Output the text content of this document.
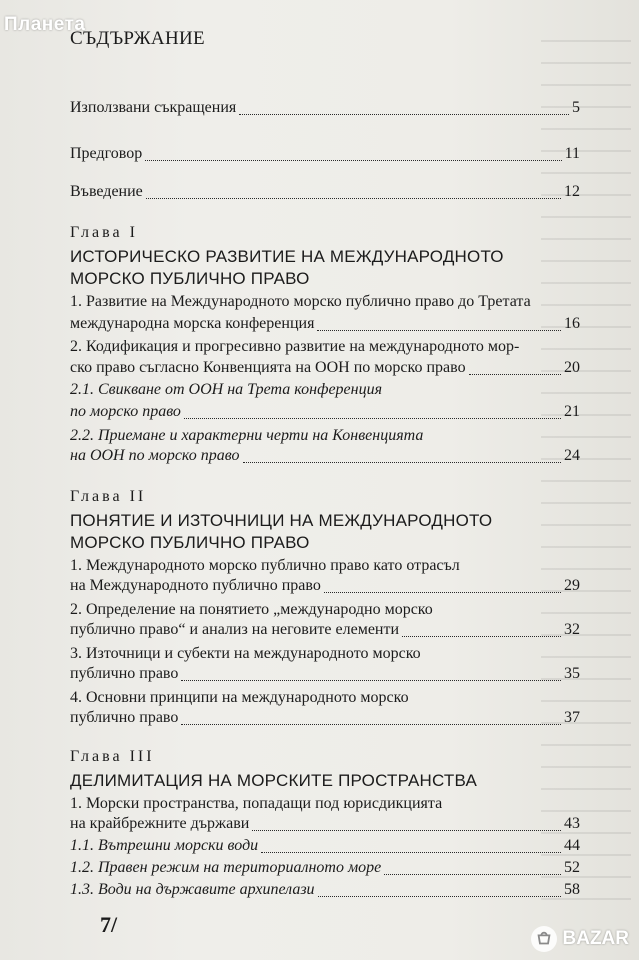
Планета
СЪДЪРЖАНИЕ
Използвани съкращения	5
Предговор	11
Въведение	12
Глава I
ИСТОРИЧЕСКО РАЗВИТИЕ НА МЕЖДУНАРОДНОТО
МОРСКО ПУБЛИЧНО ПРАВО
1. Развитие на Международното морско публично право до Третата
международна морска конференция	16
2. Кодификация и прогресивно развитие на международното мор-
ско право съгласно Конвенцията на ООН по морско право	20
2.1. Свикване от ООН на Трета конференция
по морско право	21
2.2. Приемане и характерни черти на Конвенцията
на ООН по морско право	24
Глава II
ПОНЯТИЕ И ИЗТОЧНИЦИ НА МЕЖДУНАРОДНОТО
МОРСКО ПУБЛИЧНО ПРАВО
1. Международното морско публично право като отрасъл
на Международното публично право	29
2. Определение на понятието „международно морско
публично право“ и анализ на неговите елементи	32
3. Източници и субекти на международното морско
публично право	35
4. Основни принципи на международното морско
публично право	37
Глава III
ДЕЛИМИТАЦИЯ НА МОРСКИТЕ ПРОСТРАНСТВА
1. Морски пространства, попадащи под юрисдикцията
на крайбрежните държави	43
1.1. Вътрешни морски води	44
1.2. Правен режим на териториалното море	52
1.3. Води на държавите архипелази	58
7/
BAZAR
